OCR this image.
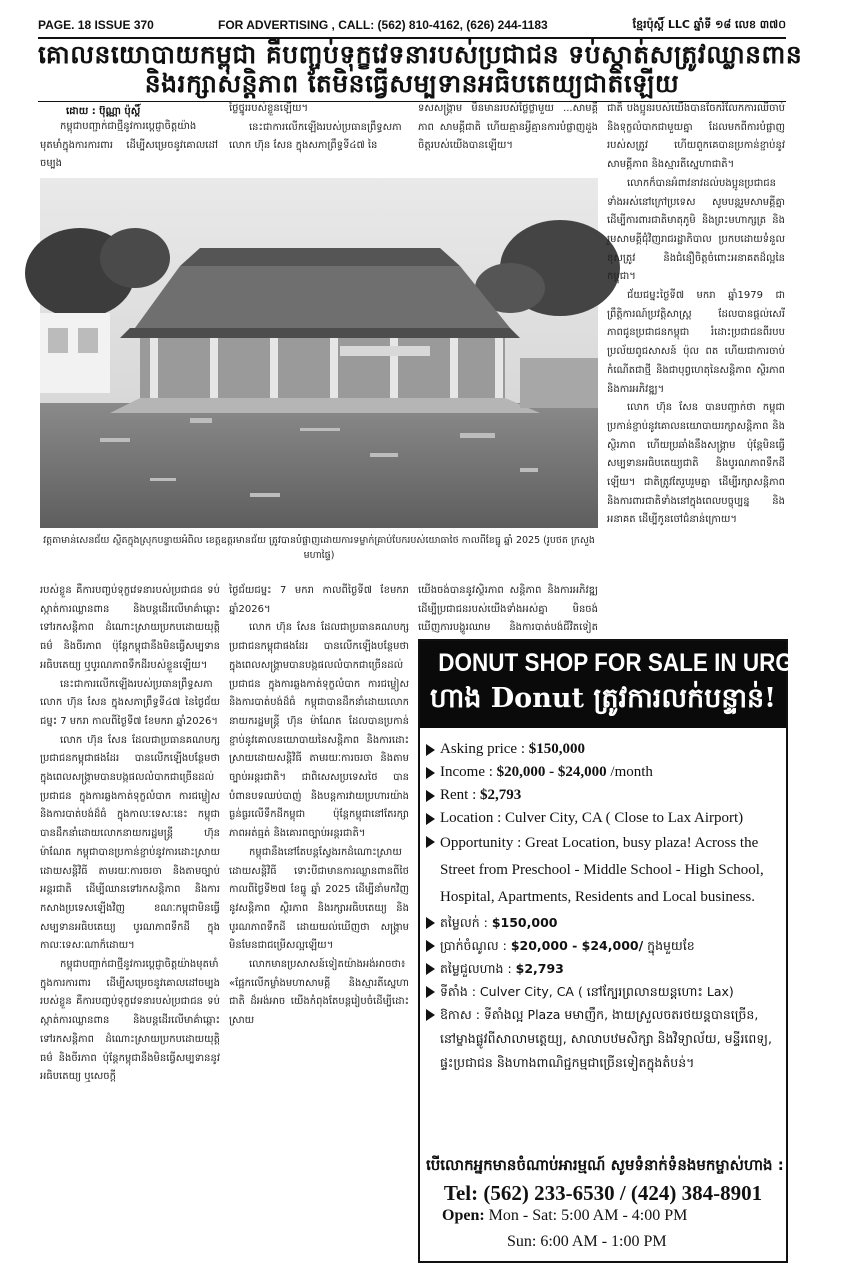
PAGE. 18 ISSUE 370	FOR ADVERTISING , CALL: (562) 810-4162, (626) 244-1183	ខ្មែរប៉ុស្ដិ៍ LLC ឆ្នាំទី ១៨ លេខ ៣៧០
គោលនយោបាយកម្ពុជា គឺបញ្ចប់ទុក្ខវេទនារបស់ប្រជាជន ទប់ស្កាត់សត្រូវឈ្លានពាន
និងរក្សាសន្តិភាព តែមិនធ្វើសម្បទានអធិបតេយ្យជាតិឡើយ
ដោយ : ប៊ុណ្ណា ប៉ុស្ដិ៍

កម្ពុជាបញ្ជាក់ជាថ្មីនូវការប្ដេជ្ញាចិត្តយ៉ាងមុតមាំក្នុងការការពារ ដើម្បីសម្រេចនូវគោលដៅចម្បង

ថ្លៃថ្នូររបស់ខ្លួនឡើយ។

នេះជាការលើកឡើងរបស់ប្រធានព្រឹទ្ធសភា លោក ហ៊ុន សែន ក្នុងសភាព្រឹទ្ធទី៤៧ នៃ

ទសសង្គ្រាម មិនមានរបស់ថ្លៃថ្លាមួយ ...សាមគ្គីភាព សាមគ្គីជាតិ ហើយគ្មានអ្វីគ្មានការបំផ្លាញដួងចិត្តរបស់យើងបានឡើយ។

វត្តតាមាន់សេនជ័យ ស្ថិតក្នុងស្រុកបន្ទាយអំពិល ខេត្តឧត្តរមានជ័យ ត្រូវបានបំផ្លាញដោយការទម្លាក់គ្រាប់បែករបស់យោធាថៃ កាលពីខែធ្នូ ឆ្នាំ 2025 (រូបថត ក្រសួងមហាផ្ទៃ)

ជាតិ បងប្អូនរបស់យើងបានចែករំលែកការឈឺចាប់ និងទុក្ខលំបាកជាមួយគ្នា ដែលមកពីការបំផ្លាញរបស់សត្រូវ ហើយពួកគេបានប្រកាន់ខ្ជាប់នូវសាមគ្គីភាព និងស្មារតីស្នេហាជាតិ។

លោកក៏បានអំពាវនាវដល់បងប្អូនប្រជាជនទាំងអស់នៅក្រៅប្រទេស សូមបន្តរួមសាមគ្គីគ្នាដើម្បីការពារជាតិមាតុភូមិ និងព្រះមហាក្សត្រ និងរួមសាមគ្គីជុំវិញរាជរដ្ឋាភិបាល ប្រកបដោយទំនួលខុសត្រូវ និងជំនឿចិត្តចំពោះអនាគតដ៏ល្អនៃកម្ពុជា។

ជ័យជម្នះថ្ងៃទី៧ មករា ឆ្នាំ1979 ជាព្រឹត្តិការណ៍ប្រវត្តិសាស្ត្រ ដែលបានផ្ដល់សេរីភាពជូនប្រជាជនកម្ពុជា រំដោះប្រជាជនពីរបបប្រល័យពូជសាសន៍ ប៉ុល ពត ហើយជាការចាប់កំណើតជាថ្មី និងជាបុព្វហេតុនៃសន្តិភាព ស្ថិរភាព និងការអភិវឌ្ឍ។

លោក ហ៊ុន សែន បានបញ្ជាក់ថា កម្ពុជាប្រកាន់ខ្ជាប់នូវគោលនយោបាយរក្សាសន្តិភាព និងស្ថិរភាព ហើយប្រឆាំងនឹងសង្គ្រាម ប៉ុន្តែមិនធ្វើសម្បទានអធិបតេយ្យជាតិ និងបូរណភាពទឹកដីឡើយ។ ជាតិត្រូវតែរួបរួមគ្នា ដើម្បីរក្សាសន្តិភាព និងការពារជាតិទាំងនៅក្នុងពេលបច្ចុប្បន្ន និងអនាគត ដើម្បីកូនចៅជំនាន់ក្រោយ។

របស់ខ្លួន គឺការបញ្ចប់ទុក្ខវេទនារបស់ប្រជាជន ទប់ស្កាត់ការឈ្លានពាន និងបន្ដដើរលើមាគ៌ាឆ្ពោះទៅរកសន្តិភាព ដំណោះស្រាយប្រកបដោយយុត្តិធម៌ និងចីរភាព ប៉ុន្តែកម្ពុជានឹងមិនធ្វើសម្បទានអធិបតេយ្យ ឬបូរណភាពទឹកដីរបស់ខ្លួនឡើយ។

នេះជាការលើកឡើងរបស់ប្រធានព្រឹទ្ធសភា លោក ហ៊ុន សែន ក្នុងសភាព្រឹទ្ធទី៤៧ នៃថ្ងៃជ័យជម្នះ 7 មករា កាលពីថ្ងៃទី៧ ខែមករា ឆ្នាំ2026។

លោក ហ៊ុន សែន ដែលជាប្រធានគណបក្សប្រជាជនកម្ពុជាផងដែរ បានលើកឡើងបន្ថែមថា ក្នុងពេលសង្គ្រាមបានបង្កផលលំបាកជាច្រើនដល់ប្រជាជន ក្នុងការឆ្លងកាត់ទុក្ខលំបាក ការជម្លៀស និងការបាត់បង់ដ៏ធំ ក្នុងកាលៈទេសៈនេះ កម្ពុជាបានដឹកនាំដោយលោកនាយករដ្ឋមន្ត្រី ហ៊ុន ម៉ាណែត កម្ពុជាបានប្រកាន់ខ្ជាប់នូវការដោះស្រាយដោយសន្តិវិធី តាមរយៈការចរចា និងតាមច្បាប់អន្តរជាតិ ដើម្បីឈានទៅរកសន្តិភាព និងការកសាងប្រទេសឡើងវិញ ខណៈកម្ពុជាមិនធ្វើសម្បទានអធិបតេយ្យ បូរណភាពទឹកដី ក្នុងកាលៈទេសៈណាក៏ដោយ។

កម្ពុជាបញ្ជាក់ជាថ្មីនូវការប្ដេជ្ញាចិត្តយ៉ាងមុតមាំក្នុងការការពារ ដើម្បីសម្រេចនូវគោលដៅចម្បងរបស់ខ្លួន គឺការបញ្ចប់ទុក្ខវេទនារបស់ប្រជាជន ទប់ស្កាត់ការឈ្លានពាន និងបន្ដដើរលើមាគ៌ាឆ្ពោះទៅរកសន្តិភាព ដំណោះស្រាយប្រកបដោយយុត្តិធម៌ និងចីរភាព ប៉ុន្តែកម្ពុជានឹងមិនធ្វើសម្បទាននូវអធិបតេយ្យ ឬសេចក្តី

ថ្ងៃជ័យជម្នះ 7 មករា កាលពីថ្ងៃទី៧ ខែមករា ឆ្នាំ2026។

លោក ហ៊ុន សែន ដែលជាប្រធានគណបក្សប្រជាជនកម្ពុជាផងដែរ បានលើកឡើងបន្ថែមថា ក្នុងពេលសង្គ្រាមបានបង្កផលលំបាកជាច្រើនដល់ប្រជាជន ក្នុងការឆ្លងកាត់ទុក្ខលំបាក ការជម្លៀស និងការបាត់បង់ដ៏ធំ កម្ពុជាបានដឹកនាំដោយលោកនាយករដ្ឋមន្ត្រី ហ៊ុន ម៉ាណែត ដែលបានប្រកាន់ខ្ជាប់នូវគោលនយោបាយនៃសន្តិភាព និងការដោះស្រាយដោយសន្តិវិធី តាមរយៈការចរចា និងតាមច្បាប់អន្តរជាតិ។ ជាពិសេសប្រទេសថៃ បានបំពានបទឈប់បាញ់ និងបន្តការវាយប្រហារយ៉ាងធ្ងន់ធ្ងរលើទឹកដីកម្ពុជា ប៉ុន្តែកម្ពុជានៅតែរក្សាភាពអត់ធ្មត់ និងគោរពច្បាប់អន្តរជាតិ។

កម្ពុជានឹងនៅតែបន្តស្វែងរកដំណោះស្រាយដោយសន្តិវិធី ទោះបីជាមានការឈ្លានពានពីថៃ កាលពីថ្ងៃទី២៧ ខែធ្នូ ឆ្នាំ 2025 ដើម្បីនាំមកវិញនូវសន្តិភាព ស្ថិរភាព និងរក្សាអធិបតេយ្យ និងបូរណភាពទឹកដី ដោយយល់ឃើញថា សង្គ្រាមមិនមែនជាជម្រើសល្អឡើយ។

លោកមានប្រសាសន៍ទៀតយ៉ាងអង់អាចថា៖ «ផ្អែកលើកម្លាំងមហាសាមគ្គី និងស្មារតីស្នេហាជាតិ ដ៏អង់អាច យើងកំពុងតែបន្តរៀបចំដើម្បីដោះស្រាយ

យើងចង់បាននូវស្ថិរភាព សន្តិភាព និងការអភិវឌ្ឍ ដើម្បីប្រជាជនរបស់យើងទាំងអស់គ្នា មិនចង់ឃើញការបង្ហូរឈាម និងការបាត់បង់ជីវិតទៀត

DONUT SHOP FOR SALE IN URGENT!
ហាង Donut ត្រូវការលក់បន្ទាន់!
Asking price : $150,000
Income : $20,000 - $24,000 /month
Rent : $2,793
Location : Culver City, CA ( Close to Lax Airport)
Opportunity : Great Location, busy plaza! Across the
Street from Preschool - Middle School - High School, Hospital, Apartments, Residents and Local business.
តម្លៃលក់ : $150,000
ប្រាក់ចំណូល : $20,000 - $24,000/ ក្នុងមួយខែ
តម្លៃជួលហាង : $2,793
ទីតាំង : Culver City, CA ( នៅក្បែរព្រលានយន្តហោះ Lax)
ឱកាស : ទីតាំងល្អ Plaza មមាញឹក, ងាយស្រួលចតរថយន្តបានច្រើន,
នៅម្ខាងផ្លូវពីសាលាមត្តេយ្យ, សាលាបឋមសិក្សា និងវិទ្យាល័យ, មន្ទីរពេទ្យ, ផ្ទះប្រជាជន និងហាងពាណិជ្ជកម្មជាច្រើនទៀតក្នុងតំបន់។
បើលោកអ្នកមានចំណាប់អារម្មណ៍ សូមទំនាក់ទំនងមកម្ចាស់ហាង :
Tel: (562) 233-6530 / (424) 384-8901
Open: Mon - Sat: 5:00 AM - 4:00 PM
Sun: 6:00 AM - 1:00 PM
